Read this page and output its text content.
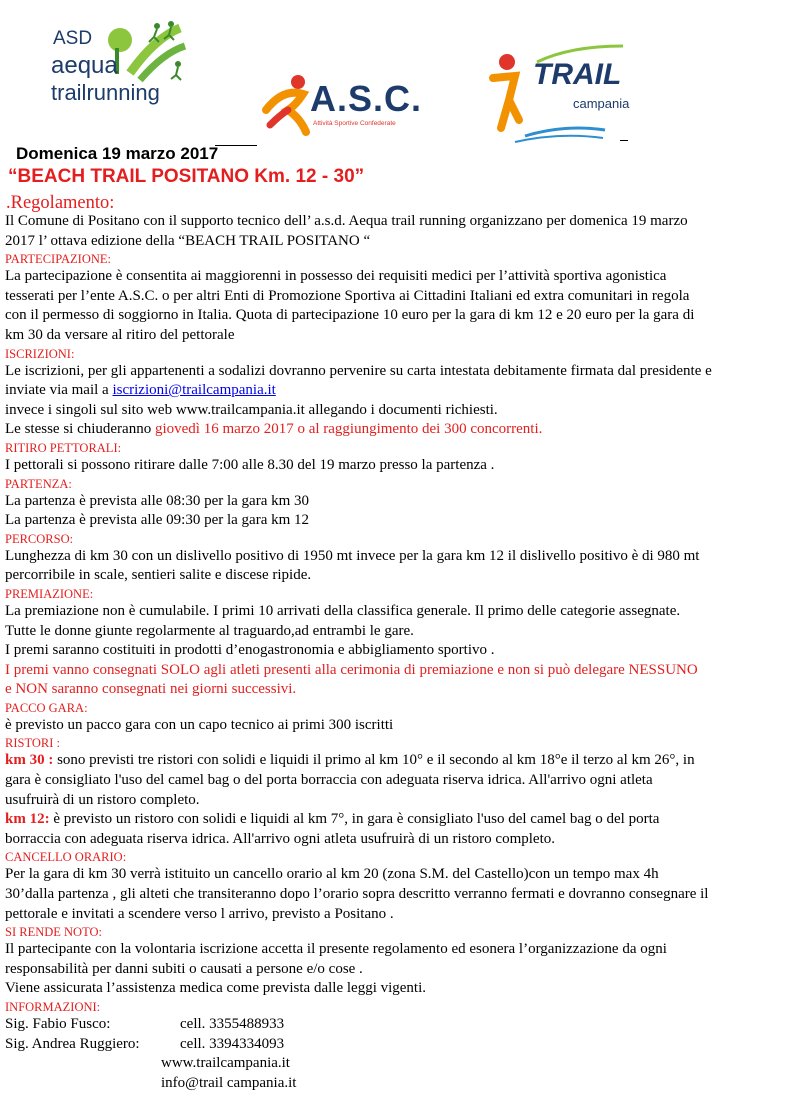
ASD
aequa
trailrunning	A.S.C.
Attività Sportive Confederate
TRAIL
campania
Domenica 19 marzo 2017
“BEACH TRAIL POSITANO Km. 12 - 30”
.Regolamento:

Il Comune di Positano con il supporto tecnico dell’ a.s.d. Aequa trail running organizzano per domenica 19 marzo

2017 l’ ottava edizione della “BEACH TRAIL POSITANO “

PARTECIPAZIONE:

La partecipazione è consentita ai maggiorenni in possesso dei requisiti medici per l’attività sportiva agonistica

tesserati per l’ente A.S.C. o per altri Enti di Promozione Sportiva ai Cittadini Italiani ed extra comunitari in regola

con il permesso di soggiorno in Italia. Quota di partecipazione 10 euro per la gara di km 12 e 20 euro per la gara di

km 30 da versare al ritiro del pettorale

ISCRIZIONI:

Le iscrizioni, per gli appartenenti a sodalizi dovranno pervenire su carta intestata debitamente firmata dal presidente e

inviate via mail a iscrizioni@trailcampania.it

invece i singoli sul sito web www.trailcampania.it allegando i documenti richiesti.

Le stesse si chiuderanno giovedì 16 marzo 2017 o al raggiungimento dei 300 concorrenti.

RITIRO PETTORALI:

I pettorali si possono ritirare dalle 7:00 alle 8.30 del 19 marzo presso la partenza .

PARTENZA:

La partenza è prevista alle 08:30 per la gara km 30

La partenza è prevista alle 09:30 per la gara km 12

PERCORSO:

Lunghezza di km 30 con un dislivello positivo di 1950 mt invece per la gara km 12 il dislivello positivo è di 980 mt

percorribile in scale, sentieri salite e discese ripide.

PREMIAZIONE:

La premiazione non è cumulabile. I primi 10 arrivati della classifica generale. Il primo delle categorie assegnate.

Tutte le donne giunte regolarmente al traguardo,ad entrambi le gare.

I premi saranno costituiti in prodotti d’enogastronomia e abbigliamento sportivo .

I premi vanno consegnati SOLO agli atleti presenti alla cerimonia di premiazione e non si può delegare NESSUNO

e NON saranno consegnati nei giorni successivi.

PACCO GARA:

è previsto un pacco gara con un capo tecnico ai primi 300 iscritti

RISTORI :

km 30 : sono previsti tre ristori con solidi e liquidi il primo al km 10° e il secondo al km 18°e il terzo al km 26°, in

gara è consigliato l'uso del camel bag o del porta borraccia con adeguata riserva idrica. All'arrivo ogni atleta

usufruirà di un ristoro completo.

km 12: è previsto un ristoro con solidi e liquidi al km 7°, in gara è consigliato l'uso del camel bag o del porta

borraccia con adeguata riserva idrica. All'arrivo ogni atleta usufruirà di un ristoro completo.

CANCELLO ORARIO:

Per la gara di km 30 verrà istituito un cancello orario al km 20 (zona S.M. del Castello)con un tempo max 4h

30’dalla partenza , gli alteti che transiteranno dopo l’orario sopra descritto verranno fermati e dovranno consegnare il

pettorale e invitati a scendere verso l arrivo, previsto a Positano .

SI RENDE NOTO:

Il partecipante con la volontaria iscrizione accetta il presente regolamento ed esonera l’organizzazione da ogni

responsabilità per danni subiti o causati a persone e/o cose .

Viene assicurata l’assistenza medica come prevista dalle leggi vigenti.

INFORMAZIONI:

Sig. Fabio Fusco:	cell. 3355488933
Sig. Andrea Ruggiero:	cell. 3394334093
www.trailcampania.it
info@trail campania.it
